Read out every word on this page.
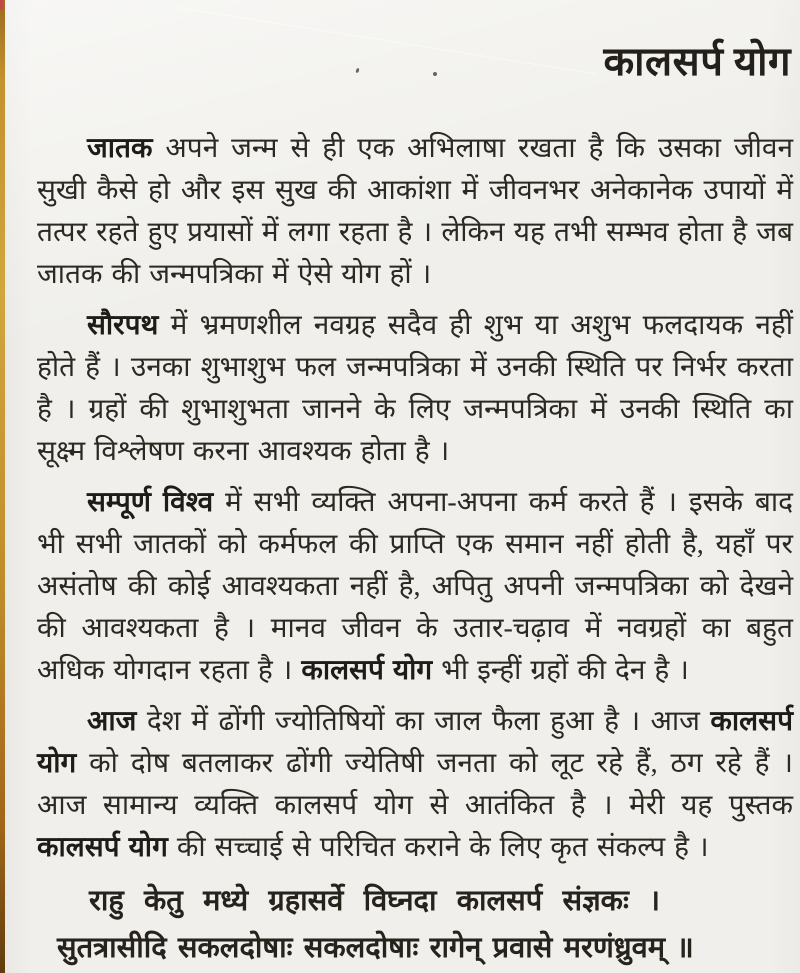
कालसर्प योग

जातक अपने जन्म से ही एक अभिलाषा रखता है कि उसका जीवन सुखी कैसे हो और इस सुख की आकांशा में जीवनभर अनेकानेक उपायों में तत्पर रहते हुए प्रयासों में लगा रहता है । लेकिन यह तभी सम्भव होता है जब जातक की जन्मपत्रिका में ऐसे योग हों ।

सौरपथ में भ्रमणशील नवग्रह सदैव ही शुभ या अशुभ फलदायक नहीं होते हैं । उनका शुभाशुभ फल जन्मपत्रिका में उनकी स्थिति पर निर्भर करता है । ग्रहों की शुभाशुभता जानने के लिए जन्मपत्रिका में उनकी स्थिति का सूक्ष्म विश्लेषण करना आवश्यक होता है ।

सम्पूर्ण विश्व में सभी व्यक्ति अपना-अपना कर्म करते हैं । इसके बाद भी सभी जातकों को कर्मफल की प्राप्ति एक समान नहीं होती है, यहाँ पर असंतोष की कोई आवश्यकता नहीं है, अपितु अपनी जन्मपत्रिका को देखने की आवश्यकता है । मानव जीवन के उतार-चढ़ाव में नवग्रहों का बहुत अधिक योगदान रहता है । कालसर्प योग भी इन्हीं ग्रहों की देन है ।

आज देश में ढोंगी ज्योतिषियों का जाल फैला हुआ है । आज कालसर्प योग को दोष बतलाकर ढोंगी ज्येतिषी जनता को लूट रहे हैं, ठग रहे हैं । आज सामान्य व्यक्ति कालसर्प योग से आतंकित है । मेरी यह पुस्तक कालसर्प योग की सच्चाई से परिचित कराने के लिए कृत संकल्प है ।

राहु केतु मध्ये ग्रहासर्वे विघ्नदा कालसर्प संज्ञकः ।
सुतत्रासीदि सकलदोषाः सकलदोषाः रागेन् प्रवासे मरणंध्रुवम् ॥
